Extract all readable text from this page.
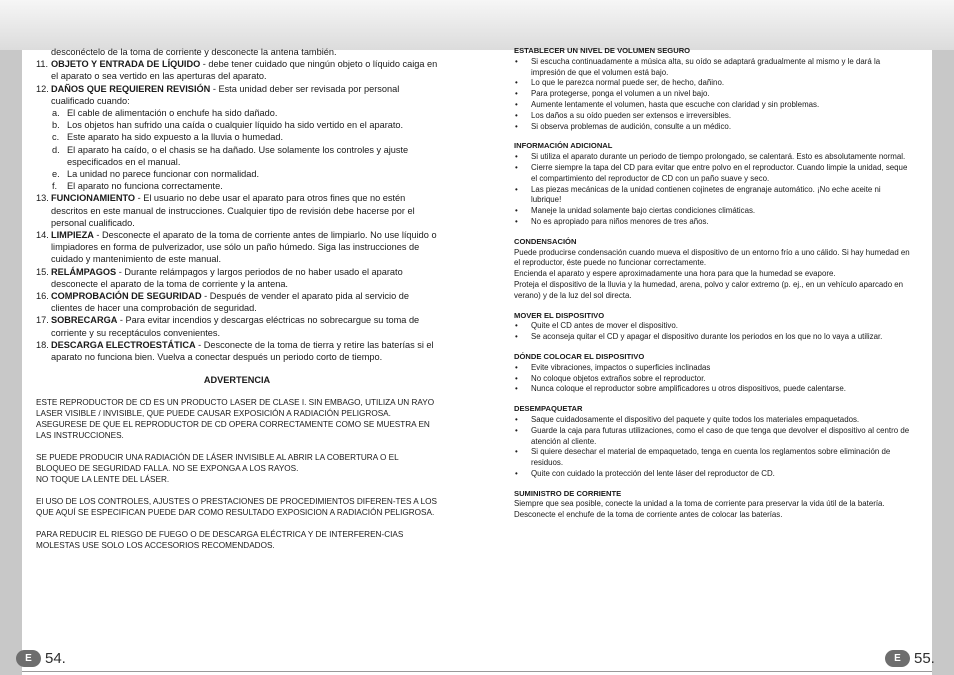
desconéctelo de la toma de corriente y desconecte la antena también.
11. OBJETO Y ENTRADA DE LÍQUIDO - debe tener cuidado que ningún objeto o líquido caiga en el aparato o sea vertido en las aperturas del aparato.
12. DAÑOS QUE REQUIEREN REVISIÓN - Esta unidad deber ser revisada por personal cualificado cuando:
a. El cable de alimentación o enchufe ha sido dañado.
b. Los objetos han sufrido una caída o cualquier líquido ha sido vertido en el aparato.
c. Este aparato ha sido expuesto a la lluvia o humedad.
d. El aparato ha caído, o el chasis se ha dañado. Use solamente los controles y ajuste especificados en el manual.
e. La unidad no parece funcionar con normalidad.
f.	El aparato no funciona correctamente.
13. FUNCIONAMIENTO - El usuario no debe usar el aparato para otros fines que no estén descritos en este manual de instrucciones. Cualquier tipo de revisión debe hacerse por el personal cualificado.
14. LIMPIEZA - Desconecte el aparato de la toma de corriente antes de limpiarlo. No use líquido o limpiadores en forma de pulverizador, use sólo un paño húmedo. Siga las instrucciones de cuidado y mantenimiento de este manual.
15. RELÁMPAGOS - Durante relámpagos y largos periodos de no haber usado el aparato desconecte el aparato de la toma de corriente y la antena.
16. COMPROBACIÓN DE SEGURIDAD - Después de vender el aparato pida al servicio de clientes de hacer una comprobación de seguridad.
17. SOBRECARGA - Para evitar incendios y descargas eléctricas no sobrecargue su toma de corriente y su receptáculos convenientes.
18. DESCARGA ELECTROESTÁTICA - Desconecte de la toma de tierra y retire las baterías si el aparato no funciona bien. Vuelva a conectar después un periodo corto de tiempo.
ADVERTENCIA
ESTE REPRODUCTOR DE CD ES UN PRODUCTO LASER DE CLASE I. SIN EMBAGO, UTILIZA UN RAYO LASER VISIBLE / INVISIBLE, QUE PUEDE CAUSAR EXPOSICIÓN A RADIACIÓN PELIGROSA. ASEGURESE DE QUE EL REPRODUCTOR DE CD OPERA CORRECTAMENTE COMO SE MUESTRA EN LAS INSTRUCCIONES.
SE PUEDE PRODUCIR UNA RADIACIÓN DE LÁSER INVISIBLE AL ABRIR LA COBERTURA O EL BLOQUEO DE SEGURIDAD FALLA. NO SE EXPONGA A LOS RAYOS.
NO TOQUE LA LENTE DEL LÁSER.
El USO DE LOS CONTROLES, AJUSTES O PRESTACIONES DE PROCEDIMIENTOS DIFEREN-TES A LOS QUE AQUÍ SE ESPECIFICAN PUEDE DAR COMO RESULTADO EXPOSICION A RADIACIÓN PELIGROSA.
PARA REDUCIR EL RIESGO DE FUEGO O DE DESCARGA ELÉCTRICA Y DE INTERFEREN-CIAS MOLESTAS USE SOLO LOS ACCESORIOS RECOMENDADOS.
ESTABLECER UN NIVEL DE VOLUMEN SEGURO
•	Si escucha continuadamente a música alta, su oído se adaptará gradualmente al mismo y le dará la impresión de que el volumen está bajo.
•	Lo que le parezca normal puede ser, de hecho, dañino.
•	Para protegerse, ponga el volumen a un nivel bajo.
•	Aumente lentamente el volumen, hasta que escuche con claridad y sin problemas.
•	Los daños a su oído pueden ser extensos e irreversibles.
•	Si observa problemas de audición, consulte a un médico.
INFORMACIÓN ADICIONAL
•	Si utiliza el aparato durante un periodo de tiempo prolongado, se calentará. Esto es absolutamente normal.
•	Cierre siempre la tapa del CD para evitar que entre polvo en el reproductor. Cuando limpie la unidad, seque el compartimiento del reproductor de CD con un paño suave y seco.
•	Las piezas mecánicas de la unidad contienen cojinetes de engranaje automático. ¡No eche aceite ni lubrique!
•	Maneje la unidad solamente bajo ciertas condiciones climáticas.
•	No es apropiado para niños menores de tres años.
CONDENSACIÓN

Puede producirse condensación cuando mueva el dispositivo de un entorno frío a uno cálido. Si hay humedad en el reproductor, éste puede no funcionar correctamente.

Encienda el aparato y espere aproximadamente una hora para que la humedad se evapore.

Proteja el dispositivo de la lluvia y la humedad, arena, polvo y calor extremo (p. ej., en un vehículo aparcado en verano) y de la luz del sol directa.

MOVER EL DISPOSITIVO
•	Quite el CD antes de mover el dispositivo.
•	Se aconseja quitar el CD y apagar el dispositivo durante los periodos en los que no lo vaya a utilizar.
DÓNDE COLOCAR EL DISPOSITIVO
•	Evite vibraciones, impactos o superficies inclinadas
•	No coloque objetos extraños sobre el reproductor.
•	Nunca coloque el reproductor sobre amplificadores u otros dispositivos, puede calentarse.
DESEMPAQUETAR
•	Saque cuidadosamente el dispositivo del paquete y quite todos los materiales empaquetados.
•	Guarde la caja para futuras utilizaciones, como el caso de que tenga que devolver el dispositivo al centro de atención al cliente.
•	Si quiere desechar el material de empaquetado, tenga en cuenta los reglamentos sobre eliminación de residuos.
•	Quite con cuidado la protección del lente láser del reproductor de CD.
SUMINISTRO DE CORRIENTE

Siempre que sea posible, conecte la unidad a la toma de corriente para preservar la vida útil de la batería. Desconecte el enchufe de la toma de corriente antes de colocar las baterías.

E 54.	E 55.
